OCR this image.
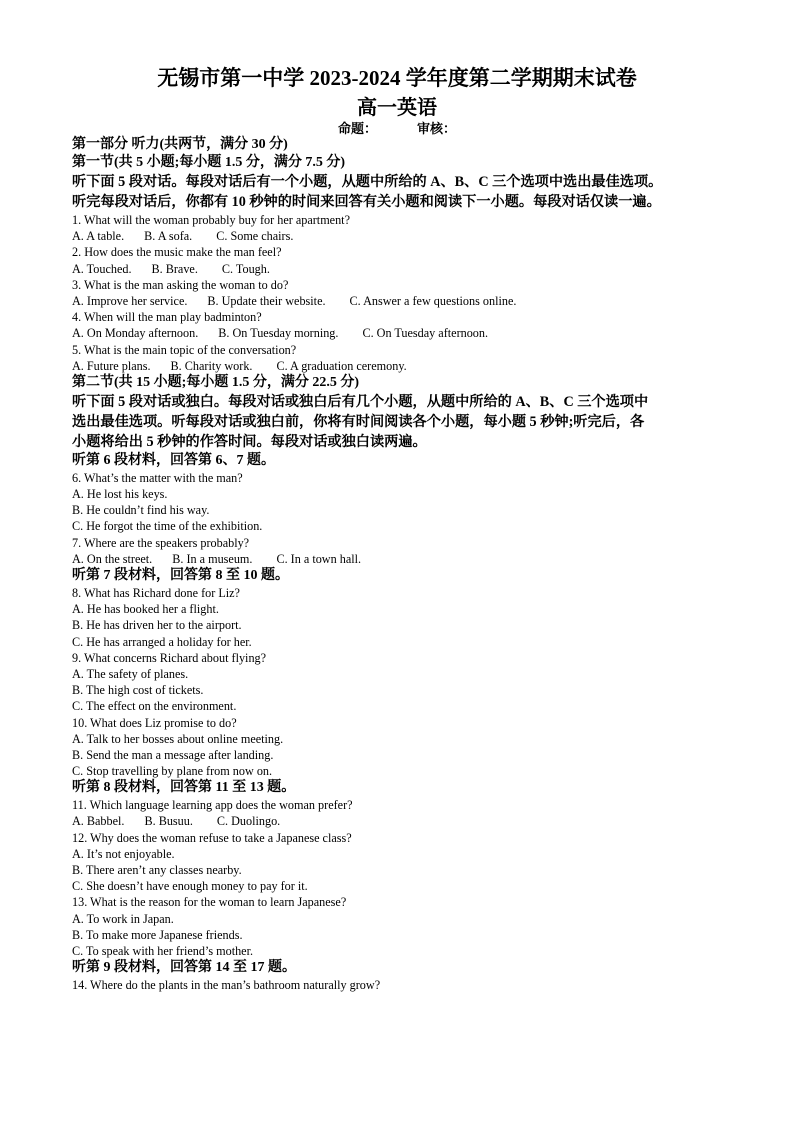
无锡市第一中学 2023-2024 学年度第二学期期末试卷
高一英语
命题：	审核：
第一部分 听力(共两节，满分 30 分)
第一节(共 5 小题;每小题 1.5 分，满分 7.5 分)
听下面 5 段对话。每段对话后有一个小题，从题中所给的 A、B、C 三个选项中选出最佳选项。
听完每段对话后，你都有 10 秒钟的时间来回答有关小题和阅读下一小题。每段对话仅读一遍。
1. What will the woman probably buy for her apartment?
A. A table. B. A sofa. C. Some chairs.
2. How does the music make the man feel?
A. Touched. B. Brave. C. Tough.
3. What is the man asking the woman to do?
A. Improve her service. B. Update their website. C. Answer a few questions online.
4. When will the man play badminton?
A. On Monday afternoon. B. On Tuesday morning. C. On Tuesday afternoon.
5. What is the main topic of the conversation?
A. Future plans. B. Charity work. C. A graduation ceremony.
第二节(共 15 小题;每小题 1.5 分，满分 22.5 分)
听下面 5 段对话或独白。每段对话或独白后有几个小题，从题中所给的 A、B、C 三个选项中
选出最佳选项。听每段对话或独白前，你将有时间阅读各个小题，每小题 5 秒钟;听完后，各
小题将给出 5 秒钟的作答时间。每段对话或独白读两遍。
听第 6 段材料，回答第 6、7 题。
6. What’s the matter with the man?
A. He lost his keys.
B. He couldn’t find his way.
C. He forgot the time of the exhibition.
7. Where are the speakers probably?
A. On the street. B. In a museum. C. In a town hall.
听第 7 段材料，回答第 8 至 10 题。
8. What has Richard done for Liz?
A. He has booked her a flight.
B. He has driven her to the airport.
C. He has arranged a holiday for her.
9. What concerns Richard about flying?
A. The safety of planes.
B. The high cost of tickets.
C. The effect on the environment.
10. What does Liz promise to do?
A. Talk to her bosses about online meeting.
B. Send the man a message after landing.
C. Stop travelling by plane from now on.
听第 8 段材料，回答第 11 至 13 题。
11. Which language learning app does the woman prefer?
A. Babbel. B. Busuu. C. Duolingo.
12. Why does the woman refuse to take a Japanese class?
A. It’s not enjoyable.
B. There aren’t any classes nearby.
C. She doesn’t have enough money to pay for it.
13. What is the reason for the woman to learn Japanese?
A. To work in Japan.
B. To make more Japanese friends.
C. To speak with her friend’s mother.
听第 9 段材料，回答第 14 至 17 题。
14. Where do the plants in the man’s bathroom naturally grow?
